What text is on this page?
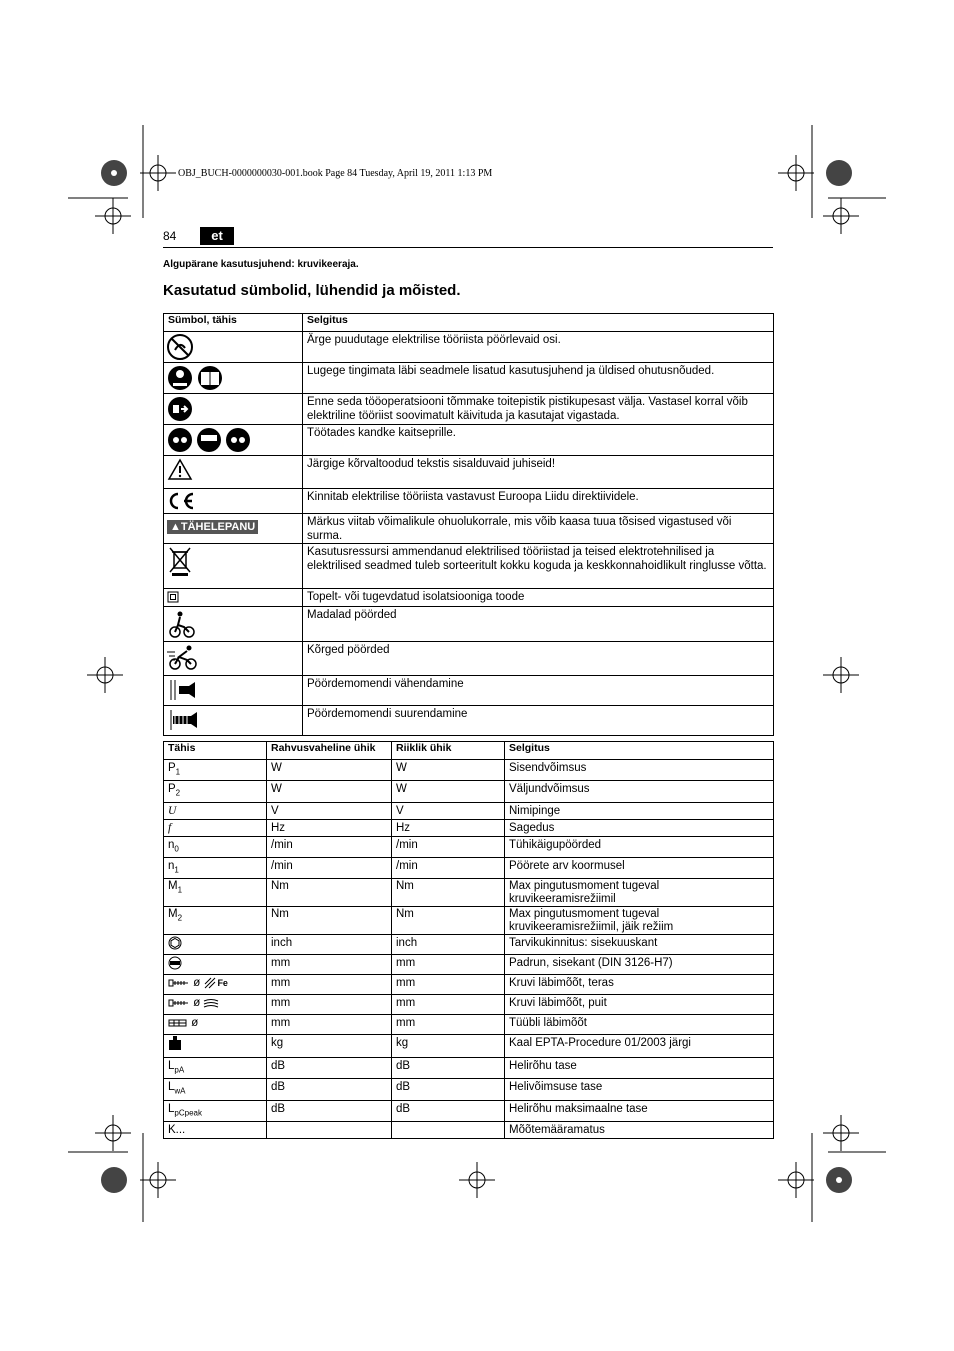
OBJ_BUCH-0000000030-001.book Page 84 Tuesday, April 19, 2011 1:13 PM
84	et
Algupärane kasutusjuhend: kruvikeeraja.
Kasutatud sümbolid, lühendid ja mõisted.
Sümbol, tähis	Selgitus
	Ärge puudutage elektrilise tööriista pöörlevaid osi.
	Lugege tingimata läbi seadmele lisatud kasutusjuhend ja üldised ohutusnõuded.
	Enne seda tööoperatsiooni tõmmake toitepistik pistikupesast välja. Vastasel korral võib elektriline tööriist soovimatult käivituda ja kasutajat vigastada.
	Töötades kandke kaitseprille.
	Järgige kõrvaltoodud tekstis sisalduvaid juhiseid!
	Kinnitab elektrilise tööriista vastavust Euroopa Liidu direktiividele.
▲TÄHELEPANU	Märkus viitab võimalikule ohuolukorrale, mis võib kaasa tuua tõsised vigastused või surma.
	Kasutusressursi ammendanud elektrilised tööriistad ja teised elektrotehnilised ja elektrilised seadmed tuleb sorteeritult kokku koguda ja keskkonnahoidlikult ringlusse võtta.
	Topelt- või tugevdatud isolatsiooniga toode
	Madalad pöörded
	Kõrged pöörded
	Pöördemomendi vähendamine
	Pöördemomendi suurendamine
Tähis	Rahvusvaheline ühik	Riiklik ühik	Selgitus
$P_1$	W	W	Sisendvõimsus
$P_2$	W	W	Väljundvõimsus
U	V	V	Nimipinge
f	Hz	Hz	Sagedus
$n_0$	/min	/min	Tühikäigupöörded
$n_1$	/min	/min	Pöörete arv koormusel
$M_1$	Nm	Nm	Max pingutusmoment tugeval kruvikeeramisrežiimil
$M_2$	Nm	Nm	Max pingutusmoment tugeval kruvikeeramisrežiimil, jäik režiim
	inch	inch	Tarvikukinnitus: sisekuuskant
	mm	mm	Padrun, sisekant (DIN 3126-H7)
ø Fe	mm	mm	Kruvi läbimõõt, teras
ø	mm	mm	Kruvi läbimõõt, puit
ø	mm	mm	Tüübli läbimõõt
	kg	kg	Kaal EPTA-Procedure 01/2003 järgi
$L_{pA}$	dB	dB	Helirõhu tase
$L_{wA}$	dB	dB	Helivõimsuse tase
$L_{pCpeak}$	dB	dB	Helirõhu maksimaalne tase
K...			Mõõtemääramatus
